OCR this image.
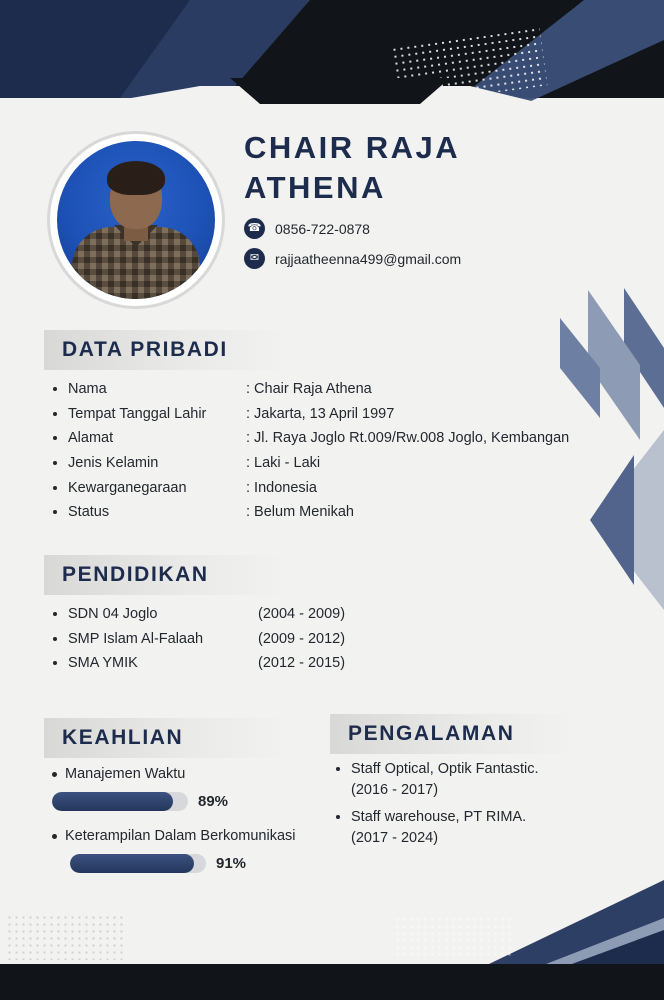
CHAIR RAJA
ATHENA
☎ 0856-722-0878
✉	rajjaatheenna499@gmail.com
DATA PRIBADI
• Nama	: Chair Raja Athena
• Tempat Tanggal Lahir	: Jakarta, 13 April 1997
• Alamat	: Jl. Raya Joglo Rt.009/Rw.008 Joglo, Kembangan
• Jenis Kelamin	: Laki - Laki
• Kewarganegaraan	: Indonesia
• Status	: Belum Menikah
PENDIDIKAN
• SDN 04 Joglo	(2004 - 2009)
• SMP Islam Al-Falaah	(2009 - 2012)
• SMA YMIK	(2012 - 2015)
KEAHLIAN
Manajemen Waktu
89%
Keterampilan Dalam Berkomunikasi
91%
PENGALAMAN
• Staff Optical, Optik Fantastic.

(2016 - 2017)

• Staff warehouse, PT RIMA.

(2017 - 2024)
